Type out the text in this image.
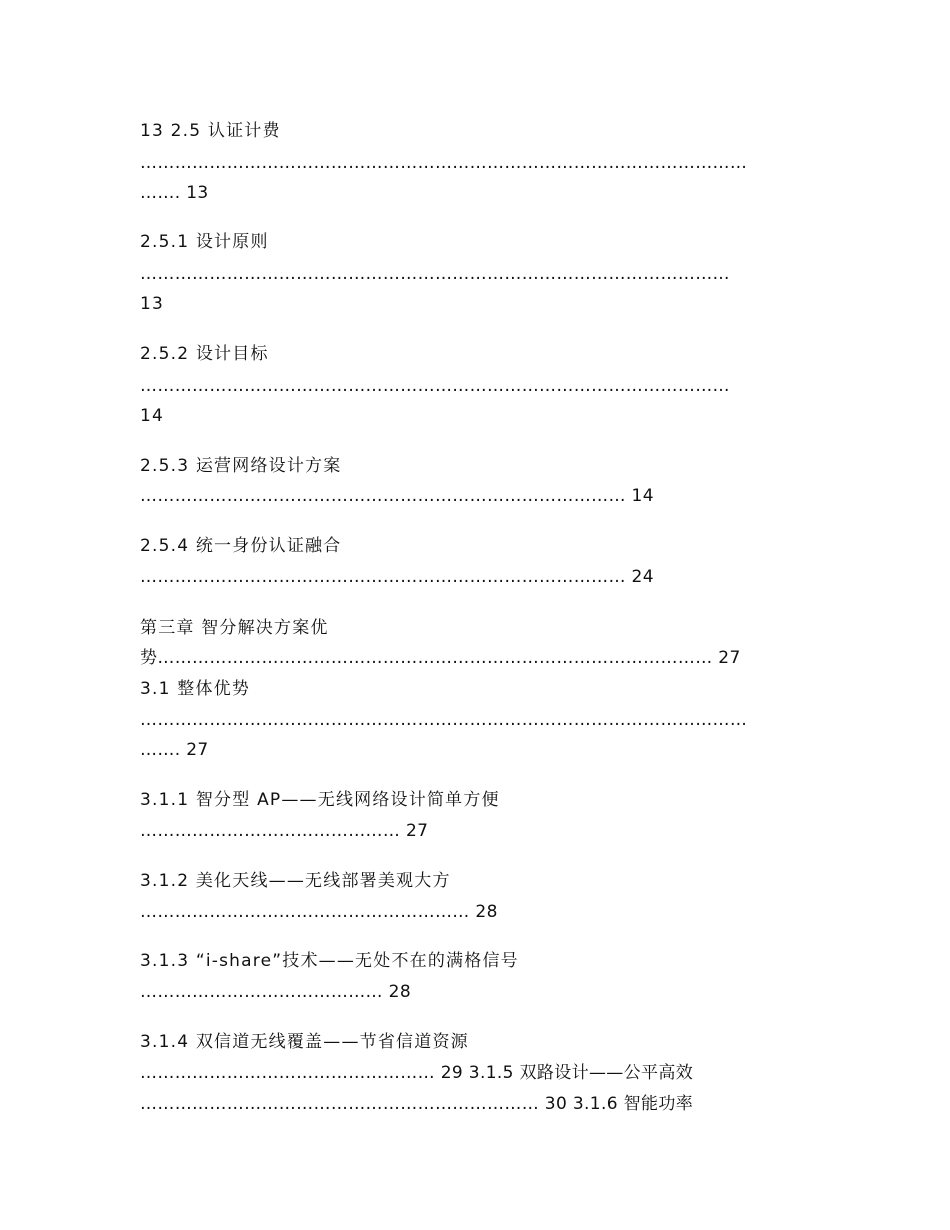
13 2.5 认证计费
……………………………………………………………………………………………
……. 13
2.5.1 设计原则
…………………………………………………………………………………………
13
2.5.2 设计目标
…………………………………………………………………………………………
14
2.5.3 运营网络设计方案
………………………………………………………………………… 14
2.5.4 统一身份认证融合
………………………………………………………………………… 24
第三章 智分解决方案优
势…………………………………………………………………………………… 27
3.1 整体优势
……………………………………………………………………………………………
……. 27
3.1.1 智分型 AP——无线网络设计简单方便
……………………………………… 27
3.1.2 美化天线——无线部署美观大方
………………………………………………… 28
3.1.3 “i-share”技术——无处不在的满格信号
…………………………………… 28
3.1.4 双信道无线覆盖——节省信道资源
…………………………………………… 29 3.1.5 双路设计——公平高效
…………………………………………………………… 30 3.1.6 智能功率
